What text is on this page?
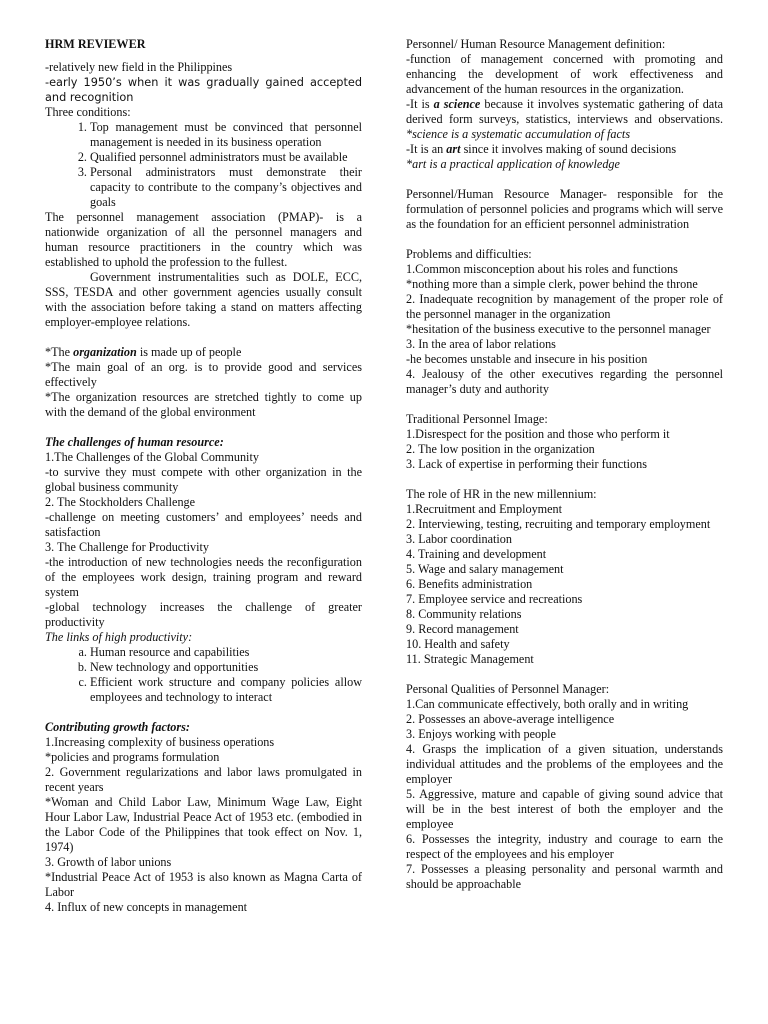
HRM REVIEWER

-relatively new field in the Philippines

-early 1950’s when it was gradually gained accepted and recognition

Three conditions:

1. Top management must be convinced that personnel management is needed in its business operation
2. Qualified personnel administrators must be available
3. Personal administrators must demonstrate their capacity to contribute to the company’s objectives and goals

The personnel management association (PMAP)- is a nationwide organization of all the personnel managers and human resource practitioners in the country which was established to uphold the profession to the fullest.

Government instrumentalities such as DOLE, ECC, SSS, TESDA and other government agencies usually consult with the association before taking a stand on matters affecting employer-employee relations.

*The organization is made up of people

*The main goal of an org. is to provide good and services effectively

*The organization resources are stretched tightly to come up with the demand of the global environment

The challenges of human resource:

1.The Challenges of the Global Community

-to survive they must compete with other organization in the global business community

2. The Stockholders Challenge

-challenge on meeting customers’ and employees’ needs and satisfaction

3. The Challenge for Productivity

-the introduction of new technologies needs the reconfiguration of the employees work design, training program and reward system

-global technology increases the challenge of greater productivity

The links of high productivity:

a. Human resource and capabilities
b. New technology and opportunities
c. Efficient work structure and company policies allow employees and technology to interact

Contributing growth factors:

1.Increasing complexity of business operations

*policies and programs formulation

2. Government regularizations and labor laws promulgated in recent years

*Woman and Child Labor Law, Minimum Wage Law, Eight Hour Labor Law, Industrial Peace Act of 1953 etc. (embodied in the Labor Code of the Philippines that took effect on Nov. 1, 1974)

3. Growth of labor unions

*Industrial Peace Act of 1953 is also known as Magna Carta of Labor

4. Influx of new concepts in management

Personnel/ Human Resource Management definition:

-function of management concerned with promoting and enhancing the development of work effectiveness and advancement of the human resources in the organization.

-It is a science because it involves systematic gathering of data derived form surveys, statistics, interviews and observations. *science is a systematic accumulation of facts

-It is an art since it involves making of sound decisions

*art is a practical application of knowledge

Personnel/Human Resource Manager- responsible for the formulation of personnel policies and programs which will serve as the foundation for an efficient personnel administration

Problems and difficulties:

1.Common misconception about his roles and functions

*nothing more than a simple clerk, power behind the throne

2. Inadequate recognition by management of the proper role of the personnel manager in the organization

*hesitation of the business executive to the personnel manager

3. In the area of labor relations

-he becomes unstable and insecure in his position

4. Jealousy of the other executives regarding the personnel manager’s duty and authority

Traditional Personnel Image:

1.Disrespect for the position and those who perform it

2. The low position in the organization

3. Lack of expertise in performing their functions

The role of HR in the new millennium:

1.Recruitment and Employment

2. Interviewing, testing, recruiting and temporary employment

3. Labor coordination

4. Training and development

5. Wage and salary management

6. Benefits administration

7. Employee service and recreations

8. Community relations

9. Record management

10. Health and safety

11. Strategic Management

Personal Qualities of Personnel Manager:

1.Can communicate effectively, both orally and in writing

2. Possesses an above-average intelligence

3. Enjoys working with people

4. Grasps the implication of a given situation, understands individual attitudes and the problems of the employees and the employer

5. Aggressive, mature and capable of giving sound advice that will be in the best interest of both the employer and the employee

6. Possesses the integrity, industry and courage to earn the respect of the employees and his employer

7. Possesses a pleasing personality and personal warmth and should be approachable
